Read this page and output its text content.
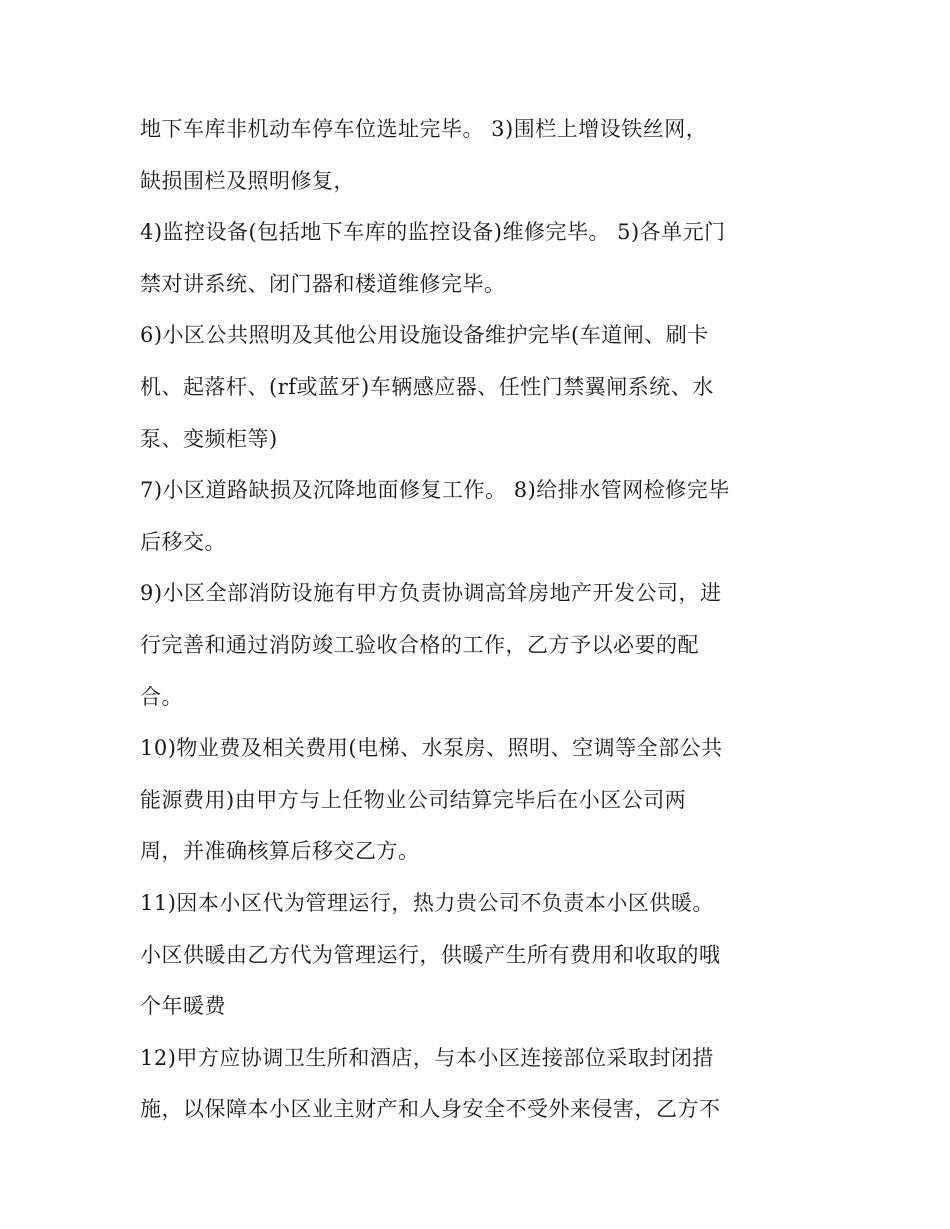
地下车库非机动车停车位选址完毕。 3)围栏上增设铁丝网，
缺损围栏及照明修复，
4)监控设备(包括地下车库的监控设备)维修完毕。 5)各单元门
禁对讲系统、闭门器和楼道维修完毕。
6)小区公共照明及其他公用设施设备维护完毕(车道闸、刷卡
机、起落杆、(rf或蓝牙)车辆感应器、任性门禁翼闸系统、水
泵、变频柜等)
7)小区道路缺损及沉降地面修复工作。 8)给排水管网检修完毕
后移交。
9)小区全部消防设施有甲方负责协调高耸房地产开发公司，进
行完善和通过消防竣工验收合格的工作，乙方予以必要的配
合。
10)物业费及相关费用(电梯、水泵房、照明、空调等全部公共
能源费用)由甲方与上任物业公司结算完毕后在小区公司两
周，并准确核算后移交乙方。
11)因本小区代为管理运行，热力贵公司不负责本小区供暖。
小区供暖由乙方代为管理运行，供暖产生所有费用和收取的哦
个年暖费
12)甲方应协调卫生所和酒店，与本小区连接部位采取封闭措
施，以保障本小区业主财产和人身安全不受外来侵害，乙方不
